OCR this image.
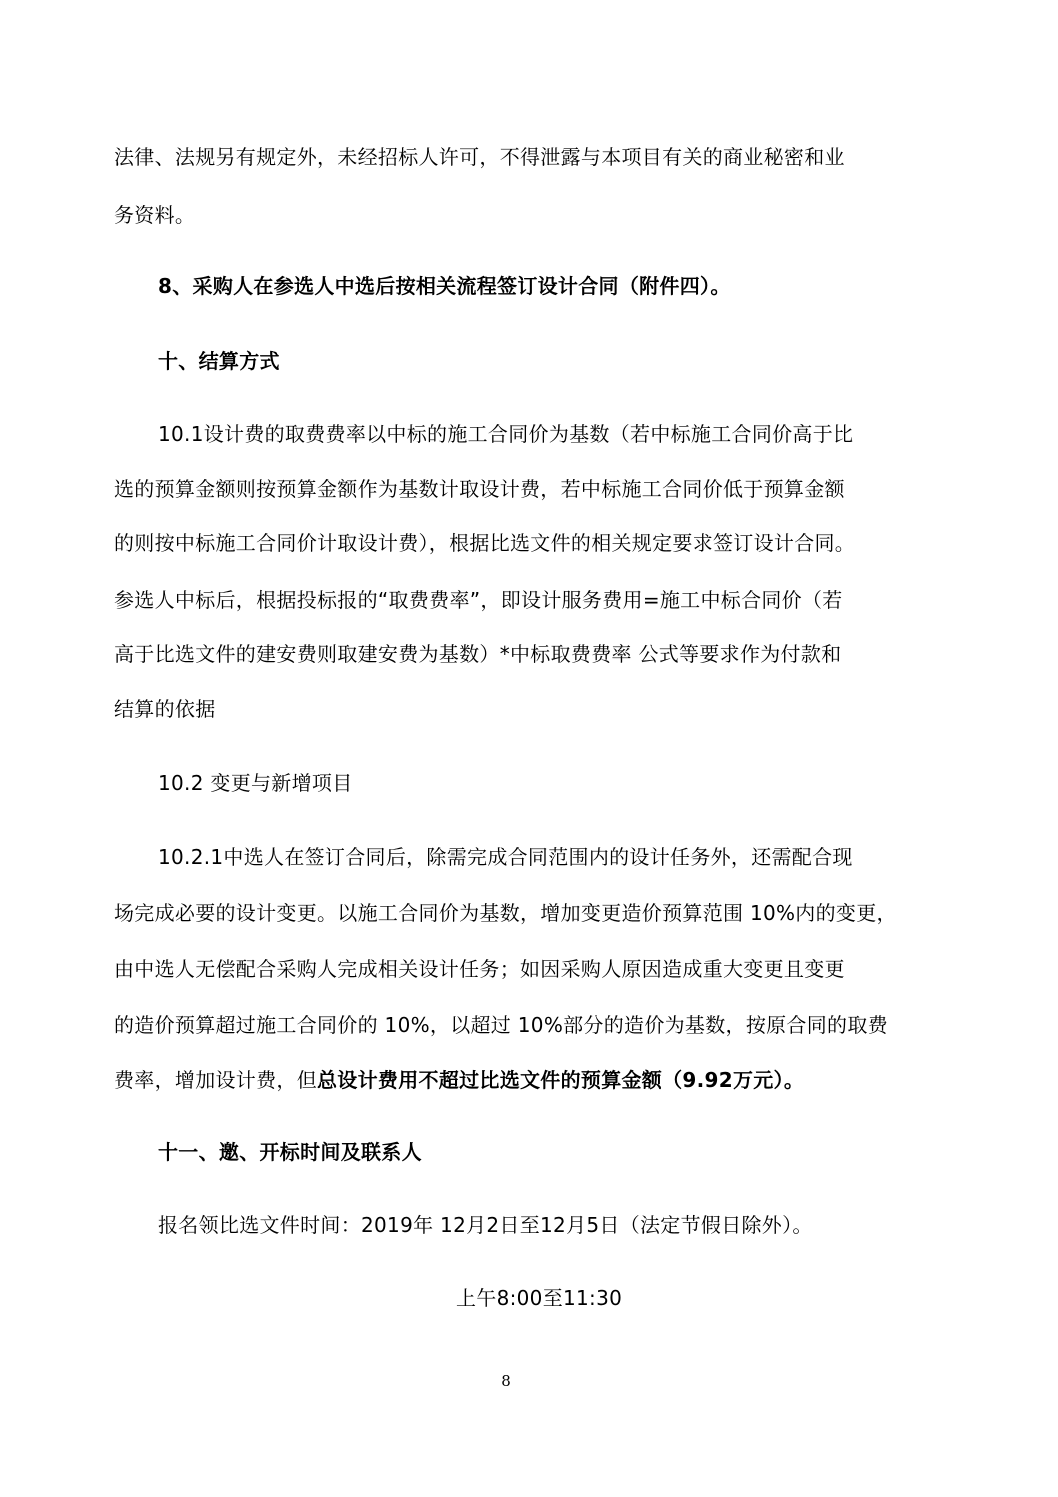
法律、法规另有规定外，未经招标人许可，不得泄露与本项目有关的商业秘密和业
务资料。
8、采购人在参选人中选后按相关流程签订设计合同（附件四）。
十、结算方式
10.1设计费的取费费率以中标的施工合同价为基数（若中标施工合同价高于比
选的预算金额则按预算金额作为基数计取设计费，若中标施工合同价低于预算金额
的则按中标施工合同价计取设计费），根据比选文件的相关规定要求签订设计合同。
参选人中标后，根据投标报的“取费费率”，即设计服务费用=施工中标合同价（若
高于比选文件的建安费则取建安费为基数）*中标取费费率 公式等要求作为付款和
结算的依据
10.2 变更与新增项目
10.2.1中选人在签订合同后，除需完成合同范围内的设计任务外，还需配合现
场完成必要的设计变更。以施工合同价为基数，增加变更造价预算范围 10%内的变更，
由中选人无偿配合采购人完成相关设计任务；如因采购人原因造成重大变更且变更
的造价预算超过施工合同价的 10%，以超过 10%部分的造价为基数，按原合同的取费
费率，增加设计费，但总设计费用不超过比选文件的预算金额（9.92万元）。
十一、邀、开标时间及联系人
报名领比选文件时间：2019年 12月2日至12月5日（法定节假日除外）。
上午8:00至11:30
8
